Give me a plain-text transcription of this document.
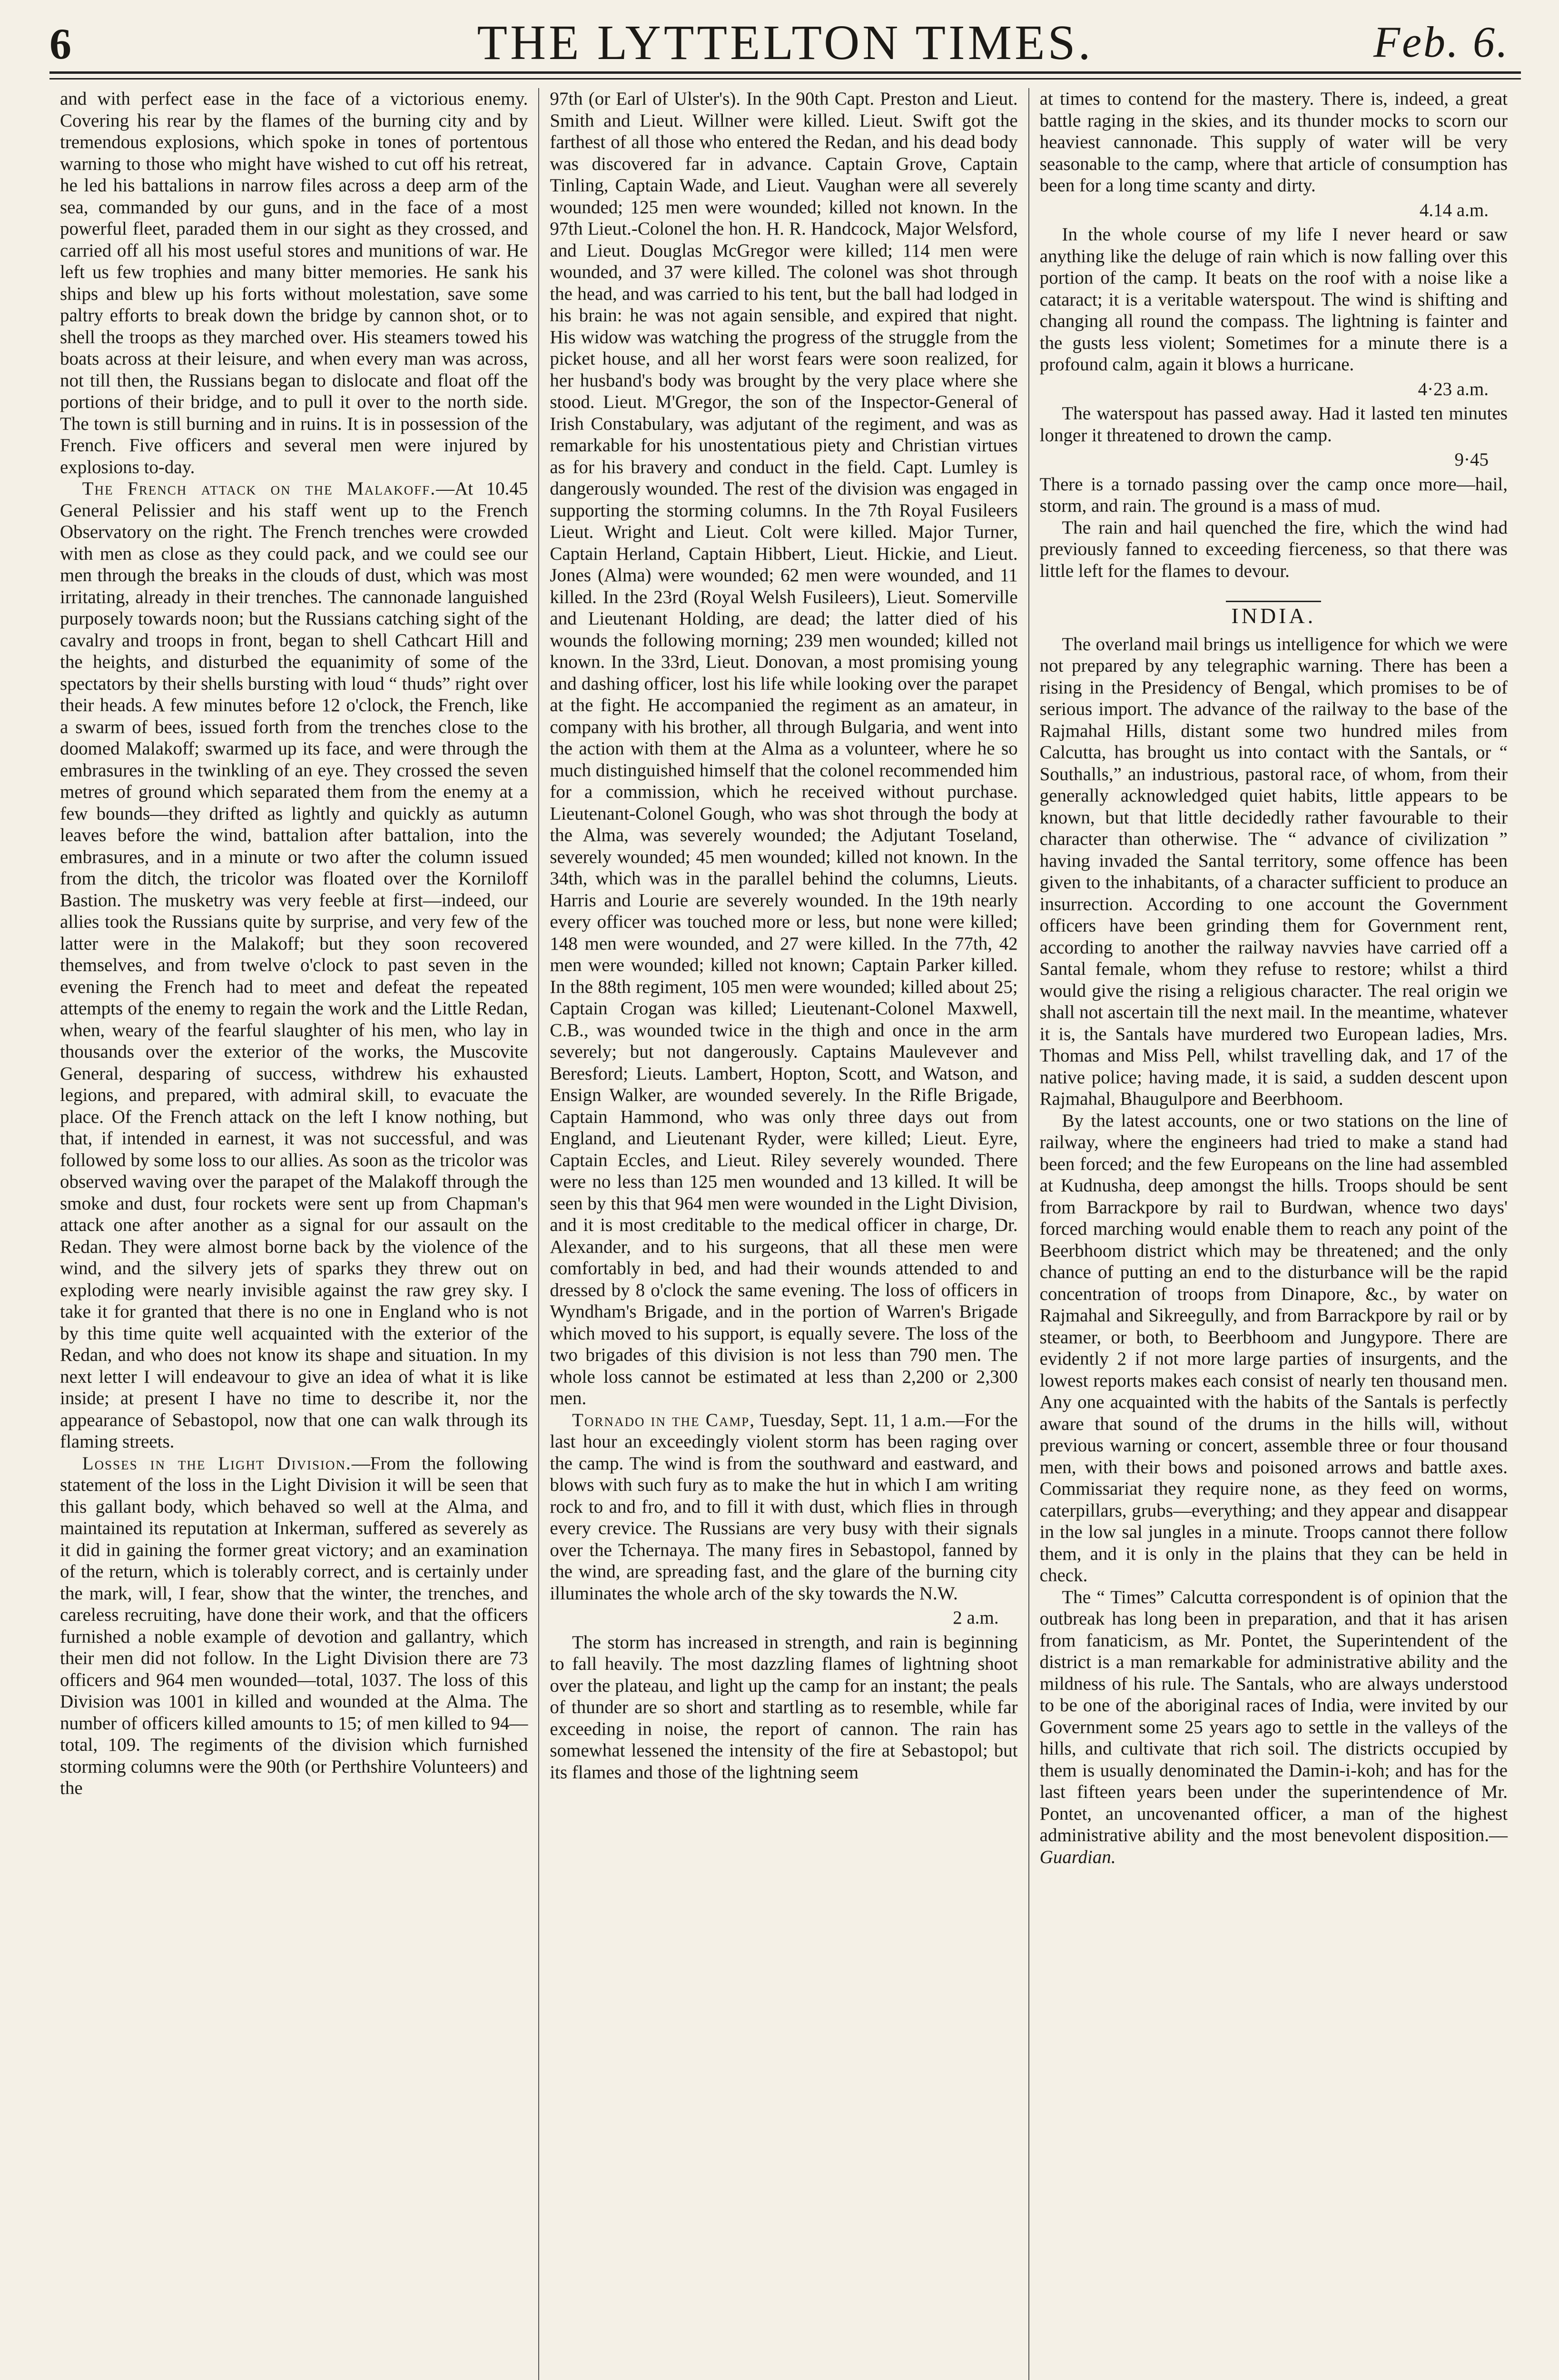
6	THE LYTTELTON TIMES.	Feb. 6.

and with perfect ease in the face of a victorious enemy. Covering his rear by the flames of the burning city and by tremendous explosions, which spoke in tones of portentous warning to those who might have wished to cut off his retreat, he led his battalions in narrow files across a deep arm of the sea, commanded by our guns, and in the face of a most powerful fleet, paraded them in our sight as they crossed, and carried off all his most useful stores and munitions of war. He left us few trophies and many bitter memories. He sank his ships and blew up his forts without molestation, save some paltry efforts to break down the bridge by cannon shot, or to shell the troops as they marched over. His steamers towed his boats across at their leisure, and when every man was across, not till then, the Russians began to dislocate and float off the portions of their bridge, and to pull it over to the north side. The town is still burning and in ruins. It is in possession of the French. Five officers and several men were injured by explosions to-day.

The French attack on the Malakoff.—At 10.45 General Pelissier and his staff went up to the French Observatory on the right. The French trenches were crowded with men as close as they could pack, and we could see our men through the breaks in the clouds of dust, which was most irritating, already in their trenches. The cannonade languished purposely towards noon; but the Russians catching sight of the cavalry and troops in front, began to shell Cathcart Hill and the heights, and disturbed the equanimity of some of the spectators by their shells bursting with loud “ thuds” right over their heads. A few minutes before 12 o'clock, the French, like a swarm of bees, issued forth from the trenches close to the doomed Malakoff; swarmed up its face, and were through the embrasures in the twinkling of an eye. They crossed the seven metres of ground which separated them from the enemy at a few bounds—they drifted as lightly and quickly as autumn leaves before the wind, battalion after battalion, into the embrasures, and in a minute or two after the column issued from the ditch, the tricolor was floated over the Korniloff Bastion. The musketry was very feeble at first—indeed, our allies took the Russians quite by surprise, and very few of the latter were in the Malakoff; but they soon recovered themselves, and from twelve o'clock to past seven in the evening the French had to meet and defeat the repeated attempts of the enemy to regain the work and the Little Redan, when, weary of the fearful slaughter of his men, who lay in thousands over the exterior of the works, the Muscovite General, desparing of success, withdrew his exhausted legions, and prepared, with admiral skill, to evacuate the place. Of the French attack on the left I know nothing, but that, if intended in earnest, it was not successful, and was followed by some loss to our allies. As soon as the tricolor was observed waving over the parapet of the Malakoff through the smoke and dust, four rockets were sent up from Chapman's attack one after another as a signal for our assault on the Redan. They were almost borne back by the violence of the wind, and the silvery jets of sparks they threw out on exploding were nearly invisible against the raw grey sky. I take it for granted that there is no one in England who is not by this time quite well acquainted with the exterior of the Redan, and who does not know its shape and situation. In my next letter I will endeavour to give an idea of what it is like inside; at present I have no time to describe it, nor the appearance of Sebastopol, now that one can walk through its flaming streets.

Losses in the Light Division.—From the following statement of the loss in the Light Division it will be seen that this gallant body, which behaved so well at the Alma, and maintained its reputation at Inkerman, suffered as severely as it did in gaining the former great victory; and an examination of the return, which is tolerably correct, and is certainly under the mark, will, I fear, show that the winter, the trenches, and careless recruiting, have done their work, and that the officers furnished a noble example of devotion and gallantry, which their men did not follow. In the Light Division there are 73 officers and 964 men wounded—total, 1037. The loss of this Division was 1001 in killed and wounded at the Alma. The number of officers killed amounts to 15; of men killed to 94—total, 109. The regiments of the division which furnished storming columns were the 90th (or Perthshire Volunteers) and the

97th (or Earl of Ulster's). In the 90th Capt. Preston and Lieut. Smith and Lieut. Willner were killed. Lieut. Swift got the farthest of all those who entered the Redan, and his dead body was discovered far in advance. Captain Grove, Captain Tinling, Captain Wade, and Lieut. Vaughan were all severely wounded; 125 men were wounded; killed not known. In the 97th Lieut.-Colonel the hon. H. R. Handcock, Major Welsford, and Lieut. Douglas McGregor were killed; 114 men were wounded, and 37 were killed. The colonel was shot through the head, and was carried to his tent, but the ball had lodged in his brain: he was not again sensible, and expired that night. His widow was watching the progress of the struggle from the picket house, and all her worst fears were soon realized, for her husband's body was brought by the very place where she stood. Lieut. M'Gregor, the son of the Inspector-General of Irish Constabulary, was adjutant of the regiment, and was as remarkable for his unostentatious piety and Christian virtues as for his bravery and conduct in the field. Capt. Lumley is dangerously wounded. The rest of the division was engaged in supporting the storming columns. In the 7th Royal Fusileers Lieut. Wright and Lieut. Colt were killed. Major Turner, Captain Herland, Captain Hibbert, Lieut. Hickie, and Lieut. Jones (Alma) were wounded; 62 men were wounded, and 11 killed. In the 23rd (Royal Welsh Fusileers), Lieut. Somerville and Lieutenant Holding, are dead; the latter died of his wounds the following morning; 239 men wounded; killed not known. In the 33rd, Lieut. Donovan, a most promising young and dashing officer, lost his life while looking over the parapet at the fight. He accompanied the regiment as an amateur, in company with his brother, all through Bulgaria, and went into the action with them at the Alma as a volunteer, where he so much distinguished himself that the colonel recommended him for a commission, which he received without purchase. Lieutenant-Colonel Gough, who was shot through the body at the Alma, was severely wounded; the Adjutant Toseland, severely wounded; 45 men wounded; killed not known. In the 34th, which was in the parallel behind the columns, Lieuts. Harris and Lourie are severely wounded. In the 19th nearly every officer was touched more or less, but none were killed; 148 men were wounded, and 27 were killed. In the 77th, 42 men were wounded; killed not known; Captain Parker killed. In the 88th regiment, 105 men were wounded; killed about 25; Captain Crogan was killed; Lieutenant-Colonel Maxwell, C.B., was wounded twice in the thigh and once in the arm severely; but not dangerously. Captains Maulevever and Beresford; Lieuts. Lambert, Hopton, Scott, and Watson, and Ensign Walker, are wounded severely. In the Rifle Brigade, Captain Hammond, who was only three days out from England, and Lieutenant Ryder, were killed; Lieut. Eyre, Captain Eccles, and Lieut. Riley severely wounded. There were no less than 125 men wounded and 13 killed. It will be seen by this that 964 men were wounded in the Light Division, and it is most creditable to the medical officer in charge, Dr. Alexander, and to his surgeons, that all these men were comfortably in bed, and had their wounds attended to and dressed by 8 o'clock the same evening. The loss of officers in Wyndham's Brigade, and in the portion of Warren's Brigade which moved to his support, is equally severe. The loss of the two brigades of this division is not less than 790 men. The whole loss cannot be estimated at less than 2,200 or 2,300 men.

Tornado in the Camp, Tuesday, Sept. 11, 1 a.m.—For the last hour an exceedingly violent storm has been raging over the camp. The wind is from the southward and eastward, and blows with such fury as to make the hut in which I am writing rock to and fro, and to fill it with dust, which flies in through every crevice. The Russians are very busy with their signals over the Tchernaya. The many fires in Sebastopol, fanned by the wind, are spreading fast, and the glare of the burning city illuminates the whole arch of the sky towards the N.W.

2 a.m.

The storm has increased in strength, and rain is beginning to fall heavily. The most dazzling flames of lightning shoot over the plateau, and light up the camp for an instant; the peals of thunder are so short and startling as to resemble, while far exceeding in noise, the report of cannon. The rain has somewhat lessened the intensity of the fire at Sebastopol; but its flames and those of the lightning seem

at times to contend for the mastery. There is, indeed, a great battle raging in the skies, and its thunder mocks to scorn our heaviest cannonade. This supply of water will be very seasonable to the camp, where that article of consumption has been for a long time scanty and dirty.

4.14 a.m.

In the whole course of my life I never heard or saw anything like the deluge of rain which is now falling over this portion of the camp. It beats on the roof with a noise like a cataract; it is a veritable waterspout. The wind is shifting and changing all round the compass. The lightning is fainter and the gusts less violent; Sometimes for a minute there is a profound calm, again it blows a hurricane.

4·23 a.m.

The waterspout has passed away. Had it lasted ten minutes longer it threatened to drown the camp.

9·45

There is a tornado passing over the camp once more—hail, storm, and rain. The ground is a mass of mud.

The rain and hail quenched the fire, which the wind had previously fanned to exceeding fierceness, so that there was little left for the flames to devour.

INDIA.

The overland mail brings us intelligence for which we were not prepared by any telegraphic warning. There has been a rising in the Presidency of Bengal, which promises to be of serious import. The advance of the railway to the base of the Rajmahal Hills, distant some two hundred miles from Calcutta, has brought us into contact with the Santals, or “ Southalls,” an industrious, pastoral race, of whom, from their generally acknowledged quiet habits, little appears to be known, but that little decidedly rather favourable to their character than otherwise. The “ advance of civilization ” having invaded the Santal territory, some offence has been given to the inhabitants, of a character sufficient to produce an insurrection. According to one account the Government officers have been grinding them for Government rent, according to another the railway navvies have carried off a Santal female, whom they refuse to restore; whilst a third would give the rising a religious character. The real origin we shall not ascertain till the next mail. In the meantime, whatever it is, the Santals have murdered two European ladies, Mrs. Thomas and Miss Pell, whilst travelling dak, and 17 of the native police; having made, it is said, a sudden descent upon Rajmahal, Bhaugulpore and Beerbhoom.

By the latest accounts, one or two stations on the line of railway, where the engineers had tried to make a stand had been forced; and the few Europeans on the line had assembled at Kudnusha, deep amongst the hills. Troops should be sent from Barrackpore by rail to Burdwan, whence two days' forced marching would enable them to reach any point of the Beerbhoom district which may be threatened; and the only chance of putting an end to the disturbance will be the rapid concentration of troops from Dinapore, &c., by water on Rajmahal and Sikreegully, and from Barrackpore by rail or by steamer, or both, to Beerbhoom and Jungypore. There are evidently 2 if not more large parties of insurgents, and the lowest reports makes each consist of nearly ten thousand men. Any one acquainted with the habits of the Santals is perfectly aware that sound of the drums in the hills will, without previous warning or concert, assemble three or four thousand men, with their bows and poisoned arrows and battle axes. Commissariat they require none, as they feed on worms, caterpillars, grubs—everything; and they appear and disappear in the low sal jungles in a minute. Troops cannot there follow them, and it is only in the plains that they can be held in check.

The “ Times” Calcutta correspondent is of opinion that the outbreak has long been in preparation, and that it has arisen from fanaticism, as Mr. Pontet, the Superintendent of the district is a man remarkable for administrative ability and the mildness of his rule. The Santals, who are always understood to be one of the aboriginal races of India, were invited by our Government some 25 years ago to settle in the valleys of the hills, and cultivate that rich soil. The districts occupied by them is usually denominated the Damin-i-koh; and has for the last fifteen years been under the superintendence of Mr. Pontet, an uncovenanted officer, a man of the highest administrative ability and the most benevolent disposition.—Guardian.
